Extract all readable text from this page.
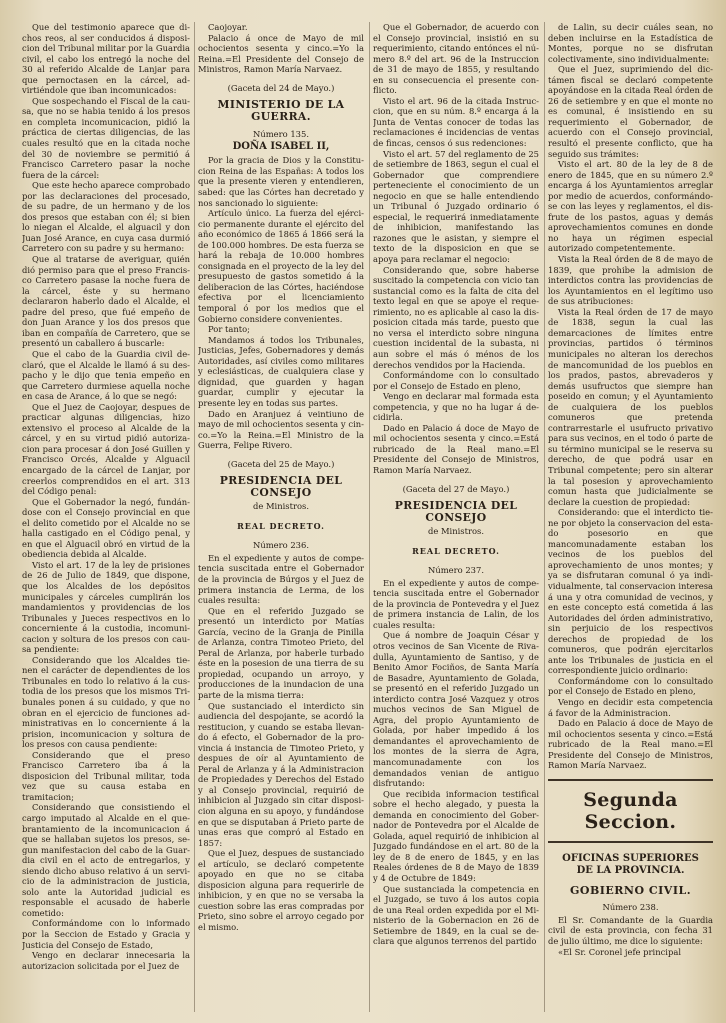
Que del testimonio aparece que dichos reos, al ser conducidos á disposicion del Tribunal militar por la Guardia civil, el cabo los entregó la noche del 30 al referido Alcalde de Lanjar para que pernoctasen en la cárcel, advirtiéndole que iban incomunicados:

Que sospechando el Fiscal de la causa, que no se habia tenido á los presos en completa incomunicacion, pidió la práctica de ciertas diligencias, de las cuales resultó que en la citada noche del 30 de noviembre se permitió á Francisco Carretero pasar la noche fuera de la cárcel:

Que este hecho aparece comprobado por las declaraciones del procesado, de su padre, de un hermano y de los dos presos que estaban con él; si bien lo niegan el Alcalde, el alguacil y don Juan José Arance, en cuya casa durmió Carretero con su padre y su hermano:

Que al tratarse de averiguar, quién dió permiso para que el preso Francisco Carretero pasase la noche fuera de la cárcel, éste y su hermano declararon haberlo dado el Alcalde, el padre del preso, que fué empeño de don Juan Arance y los dos presos que iban en compañía de Carretero, que se presentó un caballero á buscarle:

Que el cabo de la Guardia civil declaró, que el Alcalde le llamó á su despacho y le dijo que tenia empeño en que Carretero durmiese aquella noche en casa de Arance, á lo que se negó:

Que el Juez de Caojoyar, despues de practicar algunas diligencias, hizo extensivo el proceso al Alcalde de la cárcel, y en su virtud pidió autorizacion para procesar á don José Guillen y Francisco Orcés, Alcalde y Alguacil encargado de la cárcel de Lanjar, por creerlos comprendidos en el art. 313 del Código penal:

Que el Gobernador la negó, fundándose con el Consejo provincial en que el delito cometido por el Alcalde no se halla castigado en el Código penal, y en que el Alguacil obró en virtud de la obediencia debida al Alcalde.

Visto el art. 17 de la ley de prisiones de 26 de Julio de 1849, que dispone, que los Alcaldes de los depósitos municipales y cárceles cumplirán los mandamientos y providencias de los Tribunales y Jueces respectivos en lo concerniente á la custodia, incomunicacion y soltura de los presos con causa pendiente:

Considerando que los Alcaldes tienen el carácter de dependientes de los Tribunales en todo lo relativo á la custodia de los presos que los mismos Tribunales ponen á su cuidado, y que no obran en el ejercicio de funciones administrativas en lo concerniente á la prision, incomunicacion y soltura de los presos con causa pendiente:

Considerando que el preso Francisco Carretero iba á la disposicion del Tribunal militar, toda vez que su causa estaba en tramitacion;

Considerando que consistiendo el cargo imputado al Alcalde en el quebrantamiento de la incomunicacion á que se hallaban sujetos los presos, segun manifestacion del cabo de la Guardia civil en el acto de entregarlos, y siendo dicho abuso relativo á un servicio de la administracion de justicia, solo ante la Autoridad judicial es responsable el acusado de haberle cometido:

Conformándome con lo informado por la Seccion de Estado y Gracia y Justicia del Consejo de Estado,

Vengo en declarar innecesaria la autorizacion solicitada por el Juez de

Caojoyar.

Palacio á once de Mayo de mil ochocientos sesenta y cinco.=Yo la Reina.=El Presidente del Consejo de Ministros, Ramon María Narvaez.

(Gaceta del 24 de Mayo.)

MINISTERIO DE LA GUERRA.

Número 135.

DOÑA ISABEL II,

Por la gracia de Dios y la Constitucion Reina de las Españas: A todos los que la presente vieren y entendieren, sabed: que las Córtes han decretado y nos sancionado lo siguiente:

Artículo único. La fuerza del ejércicio permanente durante el ejército del año económico de 1865 á 1866 será la de 100.000 hombres. De esta fuerza se hará la rebaja de 10.000 hombres consignada en el proyecto de la ley del presupuesto de gastos sometido á la deliberacion de las Córtes, haciéndose efectiva por el licenciamiento temporal ó por los medios que el Gobierno considere convenientes.

Por tanto;

Mandamos á todos los Tribunales, Justicias, Jefes, Gobernadores y demás Autoridades, así civiles como militares y eclesiásticas, de cualquiera clase y dignidad, que guarden y hagan guardar, cumplir y ejecutar la presente ley en todas sus partes.

Dado en Aranjuez á veintiuno de mayo de mil ochocientos sesenta y cinco.=Yo la Reina.=El Ministro de la Guerra, Felipe Rivero.

(Gaceta del 25 de Mayo.)

PRESIDENCIA DEL CONSEJO

de Ministros.

REAL DECRETO.

Número 236.

En el expediente y autos de competencia suscitada entre el Gobernador de la provincia de Búrgos y el Juez de primera instancia de Lerma, de los cuales resulta:

Que en el referido Juzgado se presentó un interdicto por Matías García, vecino de la Granja de Pinilla de Arlanza, contra Timoteo Prieto, del Peral de Arlanza, por haberle turbado éste en la posesion de una tierra de su propiedad, ocupando un arroyo, y producciones de la inundacion de una parte de la misma tierra:

Que sustanciado el interdicto sin audiencia del despojante, se acordó la restitucion, y cuando se estaba llevando á efecto, el Gobernador de la provincia á instancia de Timoteo Prieto, y despues de oír al Ayuntamiento de Peral de Arlanza y á la Administracion de Propiedades y Derechos del Estado y al Consejo provincial, requirió de inhibicion al Juzgado sin citar disposicion alguna en su apoyo, y fundándose en que se disputaban á Prieto parte de unas eras que compró al Estado en 1857:

Que el Juez, despues de sustanciado el artículo, se declaró competente apoyado en que no se citaba disposicion alguna para requerirle de inhibicion, y en que no se versaba la cuestion sobre las eras compradas por Prieto, sino sobre el arroyo cegado por el mismo.

Que el Gobernador, de acuerdo con el Consejo provincial, insistió en su requerimiento, citando entónces el número 8.º del art. 96 de la Instruccion de 31 de mayo de 1855, y resultando en su consecuencia el presente conflicto.

Visto el art. 96 de la citada Instruccion, que en su núm. 8.º encarga á la Junta de Ventas conocer de todas las reclamaciones é incidencias de ventas de fincas, censos ó sus redenciones:

Visto el art. 57 del reglamento de 25 de setiembre de 1863, segun el cual el Gobernador que comprendiere perteneciente el conocimiento de un negocio en que se halle entendiendo un Tribunal ó Juzgado ordinario ó especial, le requerirá inmediatamente de inhibicion, manifestando las razones que le asistan, y siempre el texto de la disposicion en que se apoya para reclamar el negocio:

Considerando que, sobre haberse suscitado la competencia con vicio tan sustancial como es la falta de cita del texto legal en que se apoye el requerimiento, no es aplicable al caso la disposicion citada más tarde, puesto que no versa el interdicto sobre ninguna cuestion incidental de la subasta, ni aun sobre el más ó ménos de los derechos vendidos por la Hacienda.

Conformándome con lo consultado por el Consejo de Estado en pleno,

Vengo en declarar mal formada esta competencia, y que no ha lugar á decidirla.

Dado en Palacio á doce de Mayo de mil ochocientos sesenta y cinco.=Está rubricado de la Real mano.=El Presidente del Consejo de Ministros, Ramon María Narvaez.

(Gaceta del 27 de Mayo.)

PRESIDENCIA DEL CONSEJO

de Ministros.

REAL DECRETO.

Número 237.

En el expediente y autos de competencia suscitada entre el Gobernador de la provincia de Pontevedra y el Juez de primera instancia de Lalin, de los cuales resulta:

Que á nombre de Joaquin César y otros vecinos de San Vicente de Rivadulla, Ayuntamiento de Santiso, y de Benito Amor Fociños, de Santa María de Basadre, Ayuntamiento de Golada, se presentó en el referido Juzgado un interdicto contra José Vazquez y otros muchos vecinos de San Miguel de Agra, del propio Ayuntamiento de Golada, por haber impedido á los demandantes el aprovechamiento de los montes de la sierra de Agra, mancomunadamente con los demandados venian de antiguo disfrutando:

Que recibida informacion testifical sobre el hecho alegado, y puesta la demanda en conocimiento del Gobernador de Pontevedra por el Alcalde de Golada, aquel requirió de inhibicion al Juzgado fundándose en el art. 80 de la ley de 8 de enero de 1845, y en las Reales órdenes de 8 de Mayo de 1839 y 4 de Octubre de 1849:

Que sustanciada la competencia en el Juzgado, se tuvo á los autos copia de una Real orden expedida por el Ministerio de la Gobernacion en 26 de Setiembre de 1849, en la cual se declara que algunos terrenos del partido

de Lalin, su decir cuáles sean, no deben incluirse en la Estadística de Montes, porque no se disfrutan colectivamente, sino individualmente:

Que el Juez, suprimiendo del dictámen fiscal se declaró competente apoyándose en la citada Real órden de 26 de setiembre y en que el monte no es comunal, é insistiendo en su requerimiento el Gobernador, de acuerdo con el Consejo provincial, resultó el presente conflicto, que ha seguido sus trámites:

Visto el art. 80 de la ley de 8 de enero de 1845, que en su número 2.º encarga á los Ayuntamientos arreglar por medio de acuerdos, conformándose con las leyes y reglamentos, el disfrute de los pastos, aguas y demás aprovechamientos comunes en donde no haya un régimen especial autorizado competentemente.

Vista la Real órden de 8 de mayo de 1839, que prohibe la admision de interdictos contra las providencias de los Ayuntamientos en el legítimo uso de sus atribuciones:

Vista la Real órden de 17 de mayo de 1838, segun la cual las demarcaciones de límites entre provincias, partidos ó términos municipales no alteran los derechos de mancomunidad de los pueblos en los prados, pastos, abrevaderos y demás usufructos que siempre han poseido en comun; y el Ayuntamiento de cualquiera de los pueblos comuneros que pretenda contrarrestarle el usufructo privativo para sus vecinos, en el todo ó parte de su término municipal se le reserva su derecho, de que podrá usar en Tribunal competente; pero sin alterar la tal posesion y aprovechamiento comun hasta que judicialmente se declare la cuestion de propiedad:

Considerando: que el interdicto tiene por objeto la conservacion del estado posesorio en que mancomunadamente estaban los vecinos de los pueblos del aprovechamiento de unos montes; y ya se disfrutaran comunal ó ya individualmente, tal conservacion interesa á una y otra comunidad de vecinos, y en este concepto está cometida á las Autoridades del órden administrativo, sin perjuicio de los respectivos derechos de propiedad de los comuneros, que podrán ejercitarlos ante los Tribunales de justicia en el correspondiente juicio ordinario:

Conformándome con lo consultado por el Consejo de Estado en pleno,

Vengo en decidir esta competencia á favor de la Administracion.

Dado en Palacio á doce de Mayo de mil ochocientos sesenta y cinco.=Está rubricado de la Real mano.=El Presidente del Consejo de Ministros, Ramon María Narvaez.

Segunda Seccion.
OFICINAS SUPERIORES DE LA PROVINCIA.
GOBIERNO CIVIL.

Número 238.

El Sr. Comandante de la Guardia civil de esta provincia, con fecha 31 de julio último, me dice lo siguiente:

«El Sr. Coronel jefe principal
